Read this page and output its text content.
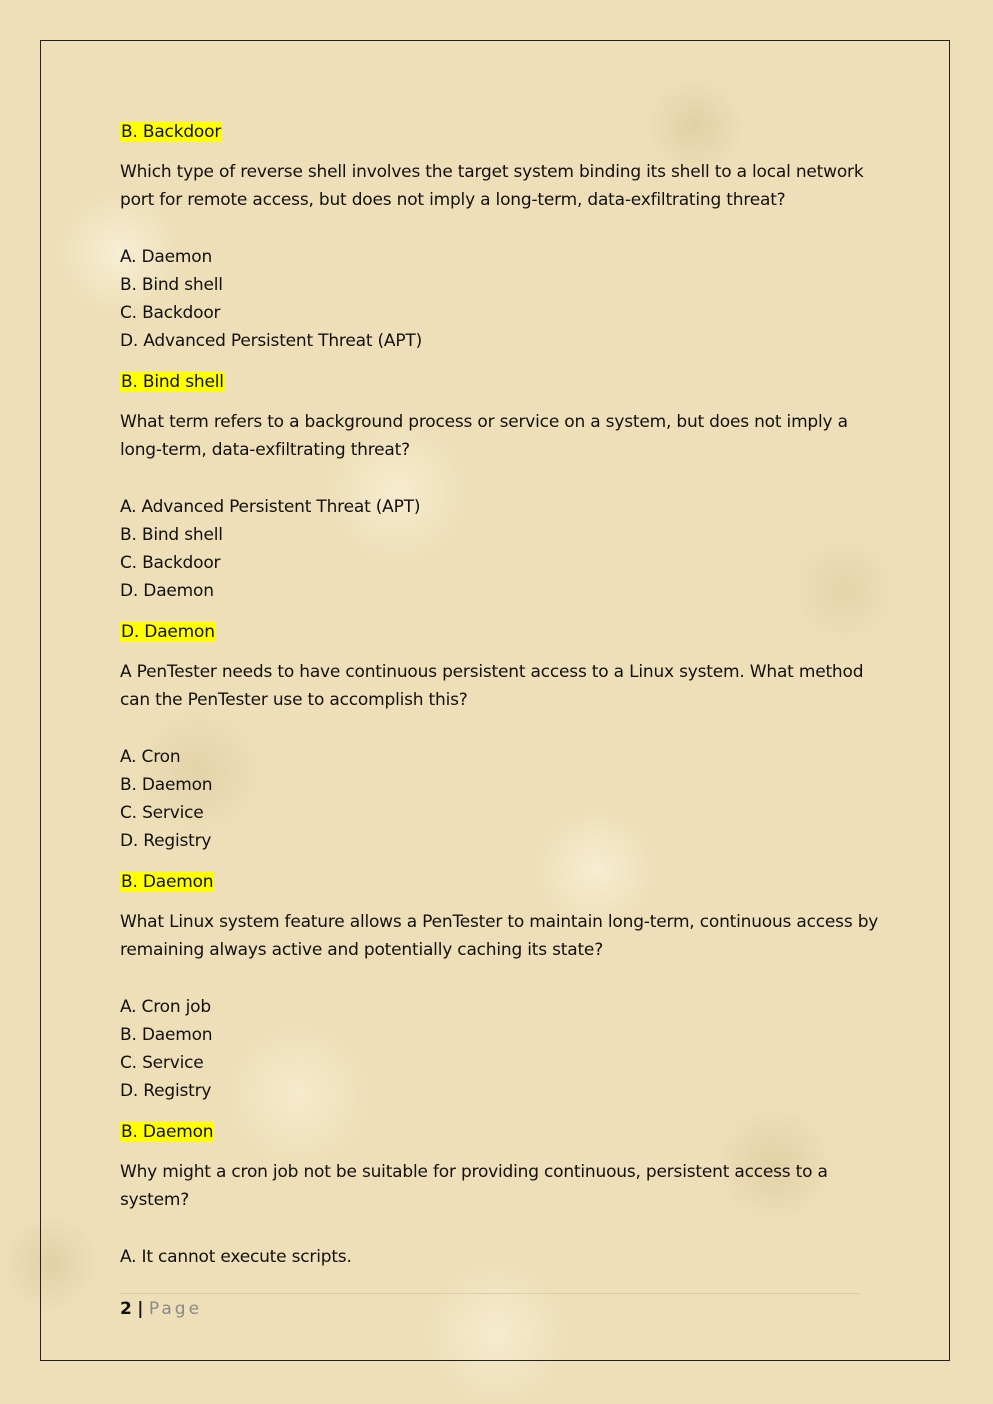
B. Backdoor
Which type of reverse shell involves the target system binding its shell to a local network port for remote access, but does not imply a long-term, data-exfiltrating threat?
A. Daemon
B. Bind shell
C. Backdoor
D. Advanced Persistent Threat (APT)
B. Bind shell
What term refers to a background process or service on a system, but does not imply a long-term, data-exfiltrating threat?
A. Advanced Persistent Threat (APT)
B. Bind shell
C. Backdoor
D. Daemon
D. Daemon
A PenTester needs to have continuous persistent access to a Linux system. What method can the PenTester use to accomplish this?
A. Cron
B. Daemon
C. Service
D. Registry
B. Daemon
What Linux system feature allows a PenTester to maintain long-term, continuous access by remaining always active and potentially caching its state?
A. Cron job
B. Daemon
C. Service
D. Registry
B. Daemon
Why might a cron job not be suitable for providing continuous, persistent access to a system?
A. It cannot execute scripts.
2 | Page
